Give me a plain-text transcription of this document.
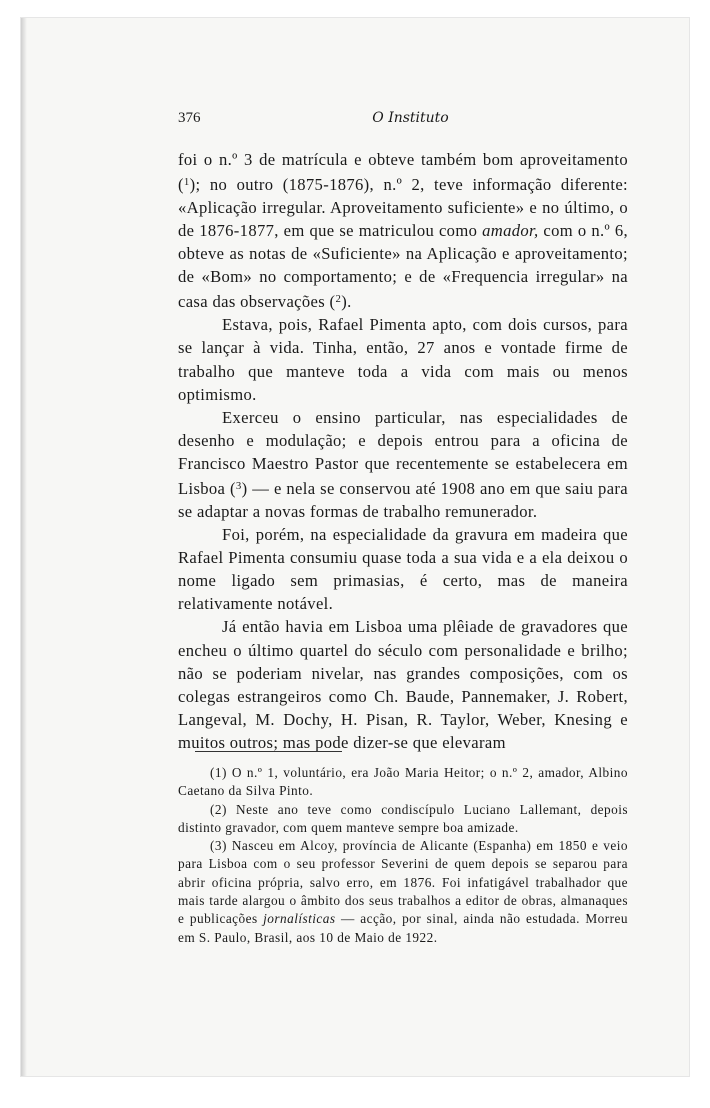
376	O Instituto

foi o n.º 3 de matrícula e obteve também bom aproveitamento ($^1$); no outro (1875-1876), n.º 2, teve informação diferente: «Aplicação irregular. Aproveitamento suficiente» e no último, o de 1876-1877, em que se matriculou como amador, com o n.º 6, obteve as notas de «Suficiente» na Aplicação e aproveitamento; de «Bom» no comportamento; e de «Frequencia irregular» na casa das observações ($^2$).

Estava, pois, Rafael Pimenta apto, com dois cursos, para se lançar à vida. Tinha, então, 27 anos e vontade firme de trabalho que manteve toda a vida com mais ou menos optimismo.

Exerceu o ensino particular, nas especialidades de desenho e modulação; e depois entrou para a oficina de Francisco Maestro Pastor que recentemente se estabelecera em Lisboa ($^3$) — e nela se conservou até 1908 ano em que saiu para se adaptar a novas formas de trabalho remunerador.

Foi, porém, na especialidade da gravura em madeira que Rafael Pimenta consumiu quase toda a sua vida e a ela deixou o nome ligado sem primasias, é certo, mas de maneira relativamente notável.

Já então havia em Lisboa uma plêiade de gravadores que encheu o último quartel do século com personalidade e brilho; não se poderiam nivelar, nas grandes composições, com os colegas estrangeiros como Ch. Baude, Pannemaker, J. Robert, Langeval, M. Dochy, H. Pisan, R. Taylor, Weber, Knesing e muitos outros; mas pode dizer-se que elevaram

(1) O n.º 1, voluntário, era João Maria Heitor; o n.º 2, amador, Albino Caetano da Silva Pinto.

(2) Neste ano teve como condiscípulo Luciano Lallemant, depois distinto gravador, com quem manteve sempre boa amizade.

(3) Nasceu em Alcoy, província de Alicante (Espanha) em 1850 e veio para Lisboa com o seu professor Severini de quem depois se separou para abrir oficina própria, salvo erro, em 1876. Foi infatigável trabalhador que mais tarde alargou o âmbito dos seus trabalhos a editor de obras, almanaques e publicações jornalísticas — acção, por sinal, ainda não estudada. Morreu em S. Paulo, Brasil, aos 10 de Maio de 1922.
